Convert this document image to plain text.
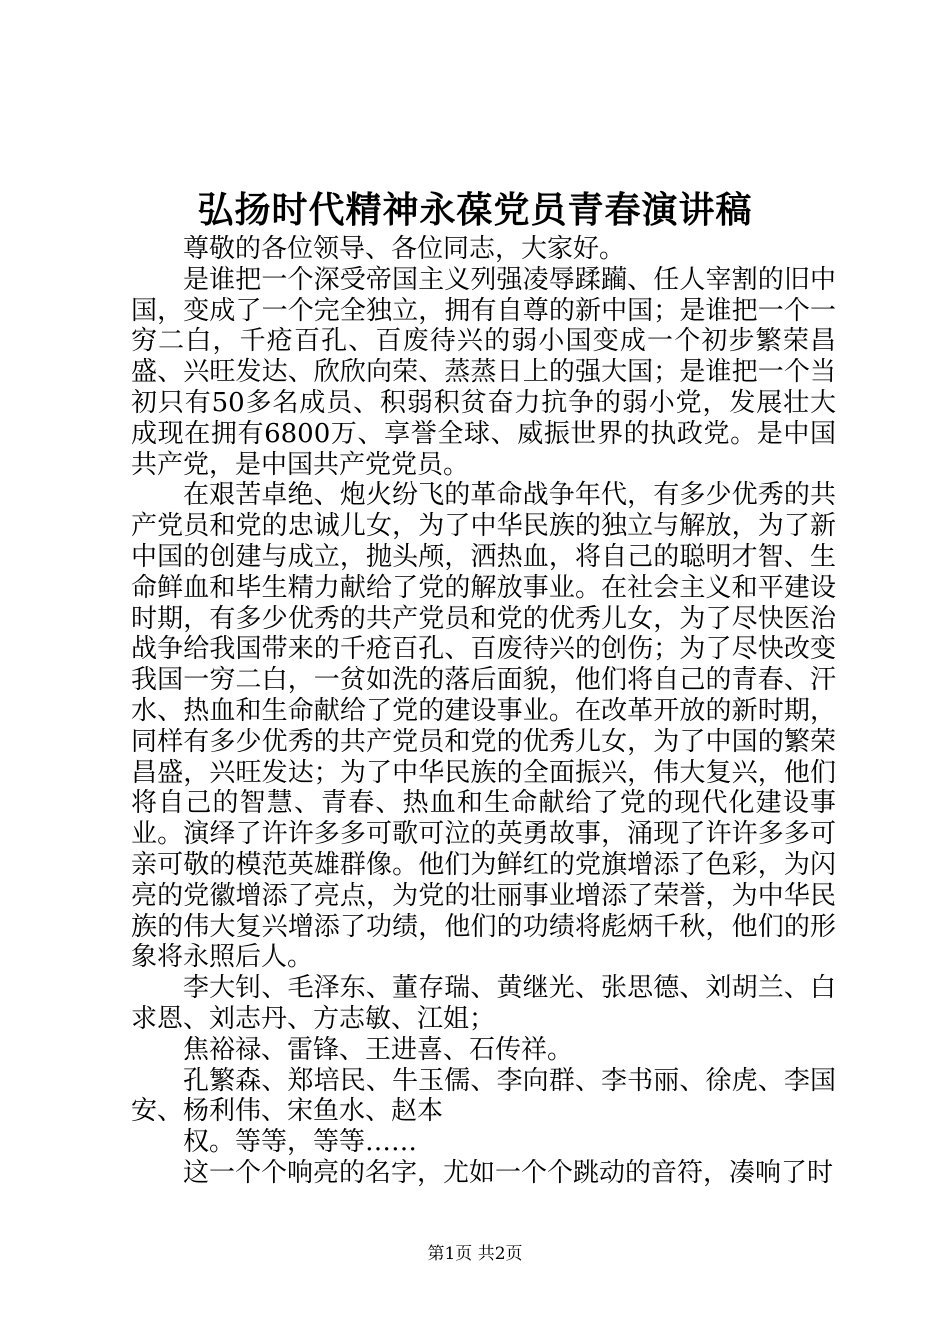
弘扬时代精神永葆党员青春演讲稿

尊敬的各位领导、各位同志，大家好。

是谁把一个深受帝国主义列强凌辱蹂躏、任人宰割的旧中国，变成了一个完全独立，拥有自尊的新中国；是谁把一个一穷二白，千疮百孔、百废待兴的弱小国变成一个初步繁荣昌盛、兴旺发达、欣欣向荣、蒸蒸日上的强大国；是谁把一个当初只有50多名成员、积弱积贫奋力抗争的弱小党，发展壮大成现在拥有6800万、享誉全球、威振世界的执政党。是中国共产党，是中国共产党党员。

在艰苦卓绝、炮火纷飞的革命战争年代，有多少优秀的共产党员和党的忠诚儿女，为了中华民族的独立与解放，为了新中国的创建与成立，抛头颅，洒热血，将自己的聪明才智、生命鲜血和毕生精力献给了党的解放事业。在社会主义和平建设时期，有多少优秀的共产党员和党的优秀儿女，为了尽快医治战争给我国带来的千疮百孔、百废待兴的创伤；为了尽快改变我国一穷二白，一贫如洗的落后面貌，他们将自己的青春、汗水、热血和生命献给了党的建设事业。在改革开放的新时期，同样有多少优秀的共产党员和党的优秀儿女，为了中国的繁荣昌盛，兴旺发达；为了中华民族的全面振兴，伟大复兴，他们将自己的智慧、青春、热血和生命献给了党的现代化建设事业。演绎了许许多多可歌可泣的英勇故事，涌现了许许多多可亲可敬的模范英雄群像。他们为鲜红的党旗增添了色彩，为闪亮的党徽增添了亮点，为党的壮丽事业增添了荣誉，为中华民族的伟大复兴增添了功绩，他们的功绩将彪炳千秋，他们的形象将永照后人。

李大钊、毛泽东、董存瑞、黄继光、张思德、刘胡兰、白求恩、刘志丹、方志敏、江姐；

焦裕禄、雷锋、王进喜、石传祥。

孔繁森、郑培民、牛玉儒、李向群、李书丽、徐虎、李国安、杨利伟、宋鱼水、赵本

权。等等，等等……

这一个个响亮的名字，尤如一个个跳动的音符，凑响了时

第1页 共2页
